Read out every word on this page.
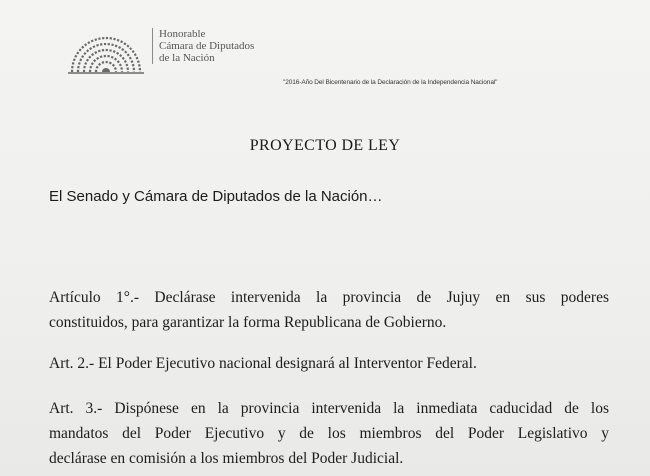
Honorable
Cámara de Diputados
de la Nación
"2016-Año Del Bicentenario de la Declaración de la Independencia Nacional"
PROYECTO DE LEY
El Senado y Cámara de Diputados de la Nación…
Artículo 1°.- Declárase intervenida la provincia de Jujuy en sus poderes
constituidos, para garantizar la forma Republicana de Gobierno.
Art. 2.- El Poder Ejecutivo nacional designará al Interventor Federal.
Art. 3.- Dispónese en la provincia intervenida la inmediata caducidad de los
mandatos del Poder Ejecutivo y de los miembros del Poder Legislativo y
declárase en comisión a los miembros del Poder Judicial.
